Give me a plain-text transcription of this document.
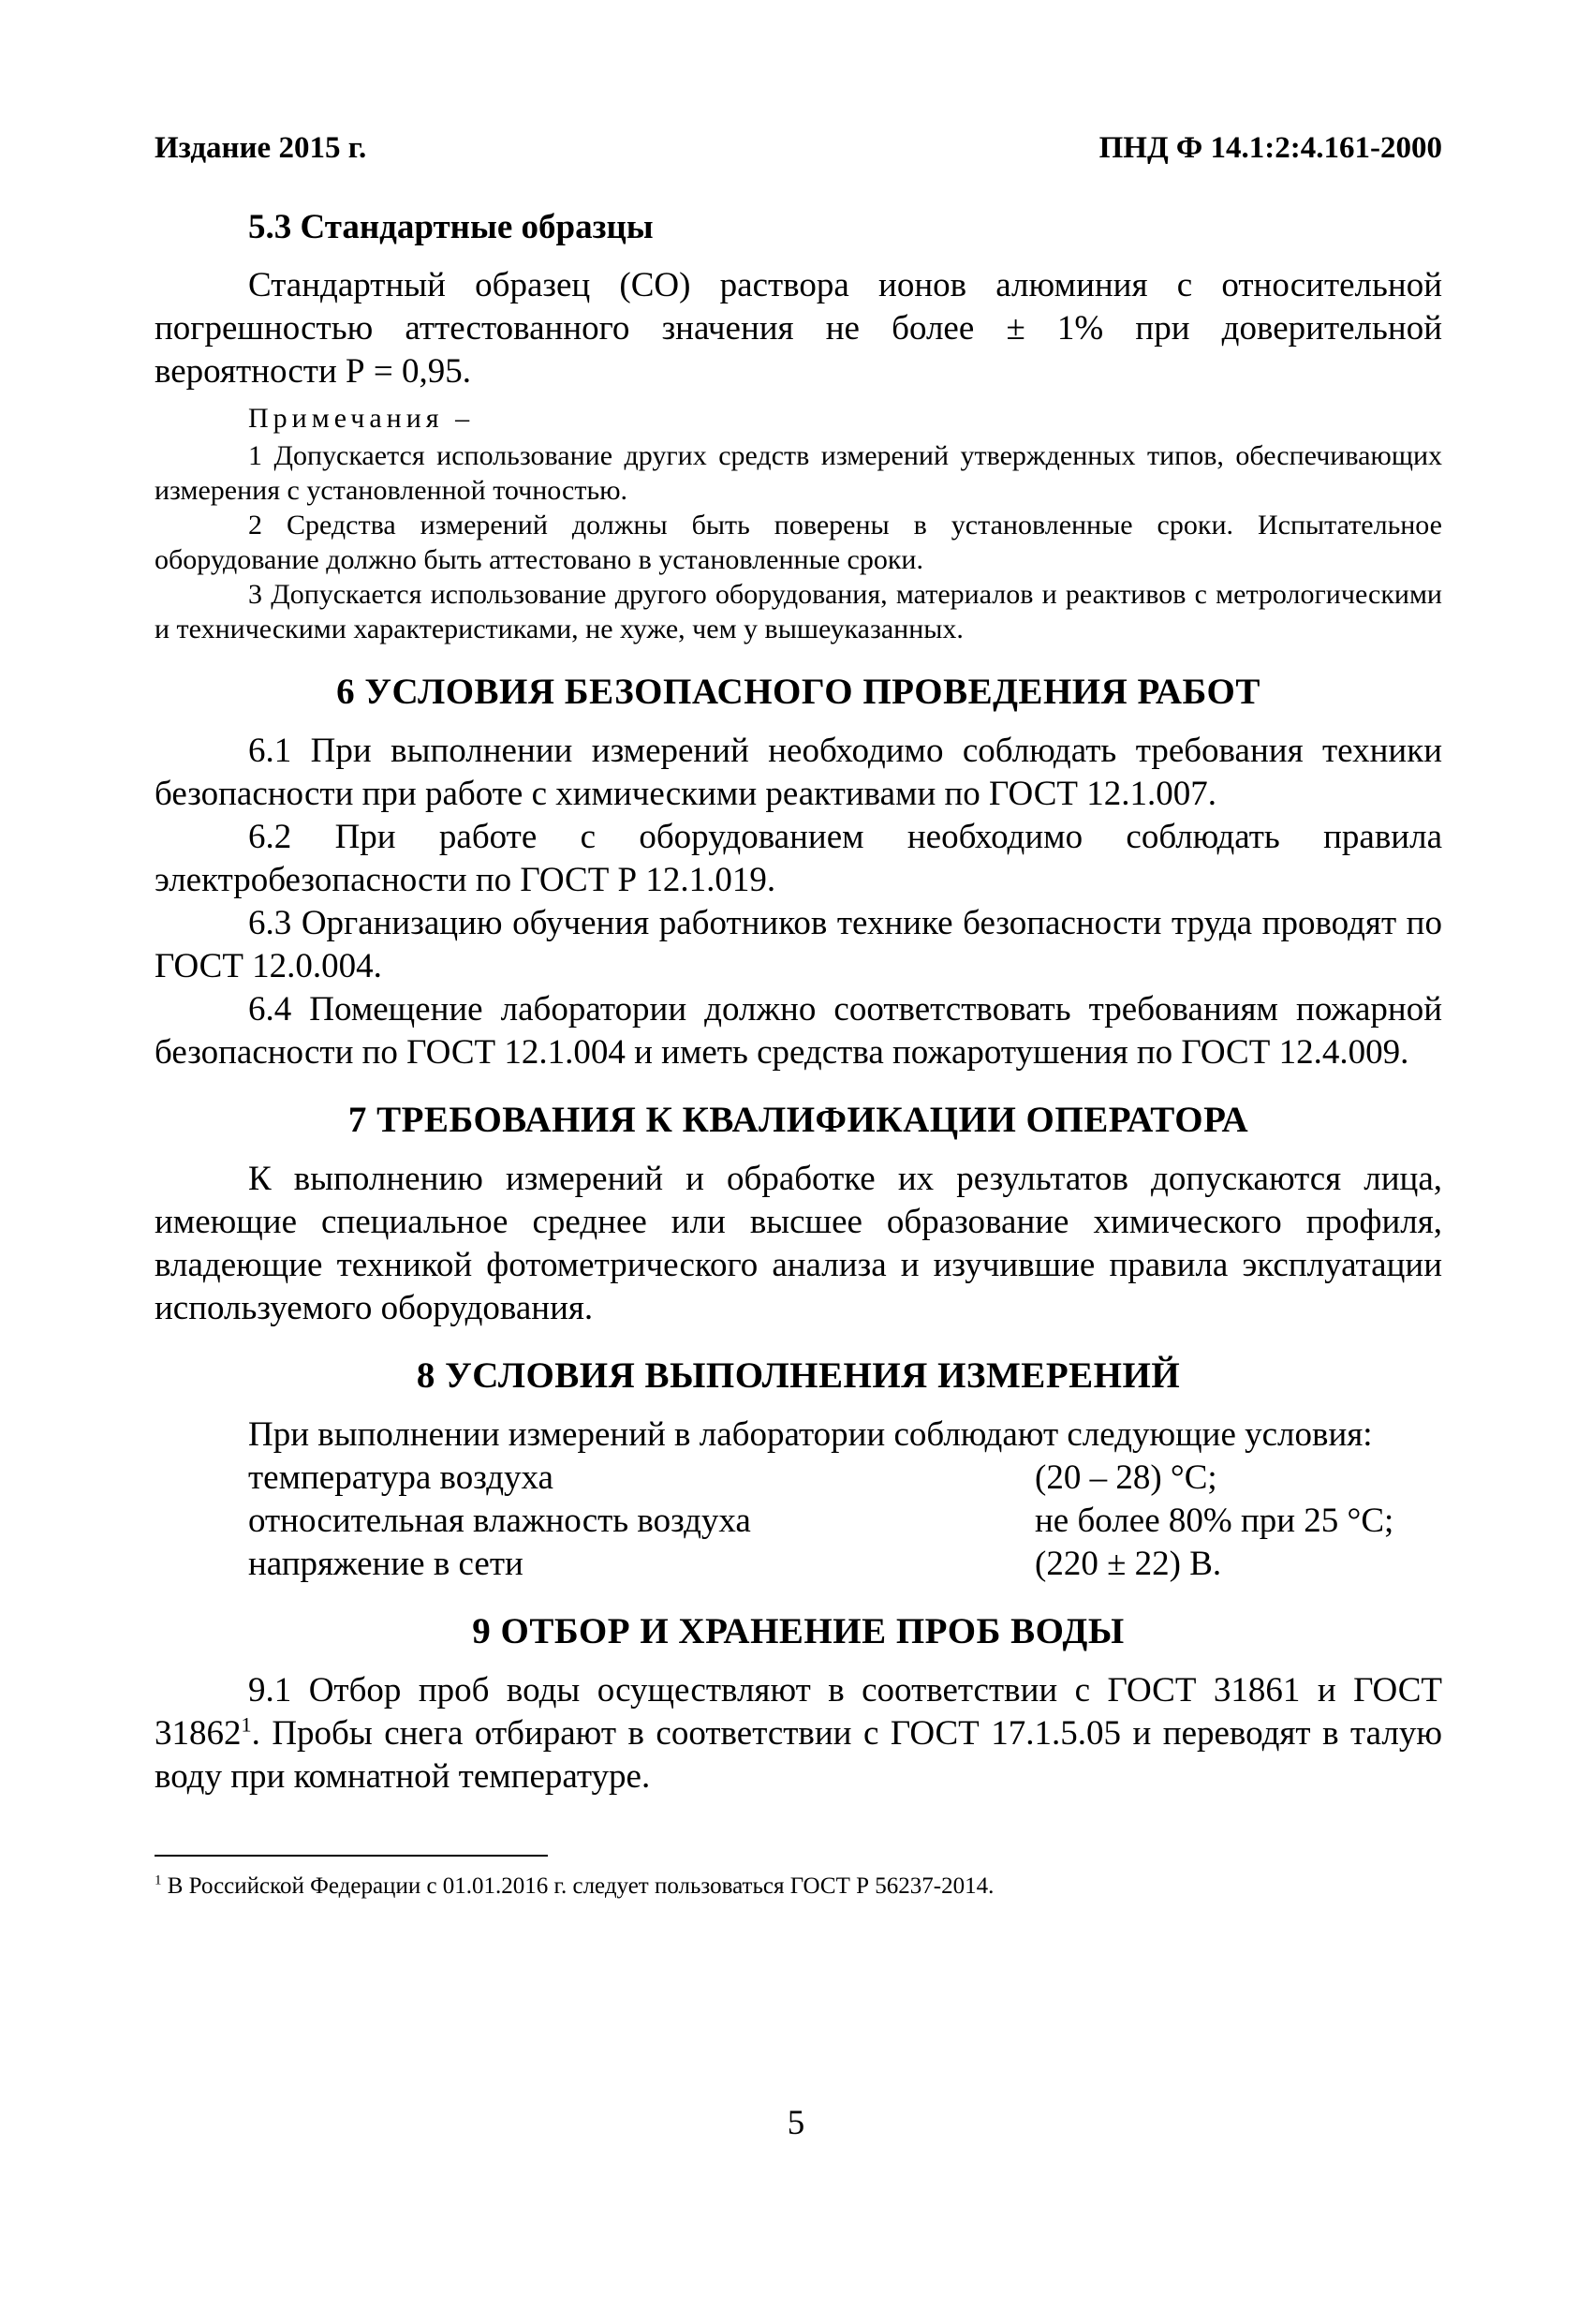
Издание 2015 г.	ПНД Ф 14.1:2:4.161-2000
5.3 Стандартные образцы

Стандартный образец (СО) раствора ионов алюминия с относительной погрешностью аттестованного значения не более ± 1% при доверительной вероятности Р = 0,95.

Примечания –

1 Допускается использование других средств измерений утвержденных типов, обеспечивающих измерения с установленной точностью.

2 Средства измерений должны быть поверены в установленные сроки. Испытательное оборудование должно быть аттестовано в установленные сроки.

3 Допускается использование другого оборудования, материалов и реактивов с метрологическими и техническими характеристиками, не хуже, чем у вышеуказанных.

6 УСЛОВИЯ БЕЗОПАСНОГО ПРОВЕДЕНИЯ РАБОТ

6.1 При выполнении измерений необходимо соблюдать требования техники безопасности при работе с химическими реактивами по ГОСТ 12.1.007.

6.2 При работе с оборудованием необходимо соблюдать правила электробезопасности по ГОСТ Р 12.1.019.

6.3 Организацию обучения работников технике безопасности труда проводят по ГОСТ 12.0.004.

6.4 Помещение лаборатории должно соответствовать требованиям пожарной безопасности по ГОСТ 12.1.004 и иметь средства пожаротушения по ГОСТ 12.4.009.

7 ТРЕБОВАНИЯ К КВАЛИФИКАЦИИ ОПЕРАТОРА

К выполнению измерений и обработке их результатов допускаются лица, имеющие специальное среднее или высшее образование химического профиля, владеющие техникой фотометрического анализа и изучившие правила эксплуатации используемого оборудования.

8 УСЛОВИЯ ВЫПОЛНЕНИЯ ИЗМЕРЕНИЙ

При выполнении измерений в лаборатории соблюдают следующие условия:

температура воздуха	(20 – 28) °С;
относительная влажность воздуха	не более 80% при 25 °С;
напряжение в сети	(220 ± 22) В.
9 ОТБОР И ХРАНЕНИЕ ПРОБ ВОДЫ

9.1 Отбор проб воды осуществляют в соответствии с ГОСТ 31861 и ГОСТ 31862$^1$. Пробы снега отбирают в соответствии с ГОСТ 17.1.5.05 и переводят в талую воду при комнатной температуре.

$^1$ В Российской Федерации с 01.01.2016 г. следует пользоваться ГОСТ Р 56237-2014.
5
